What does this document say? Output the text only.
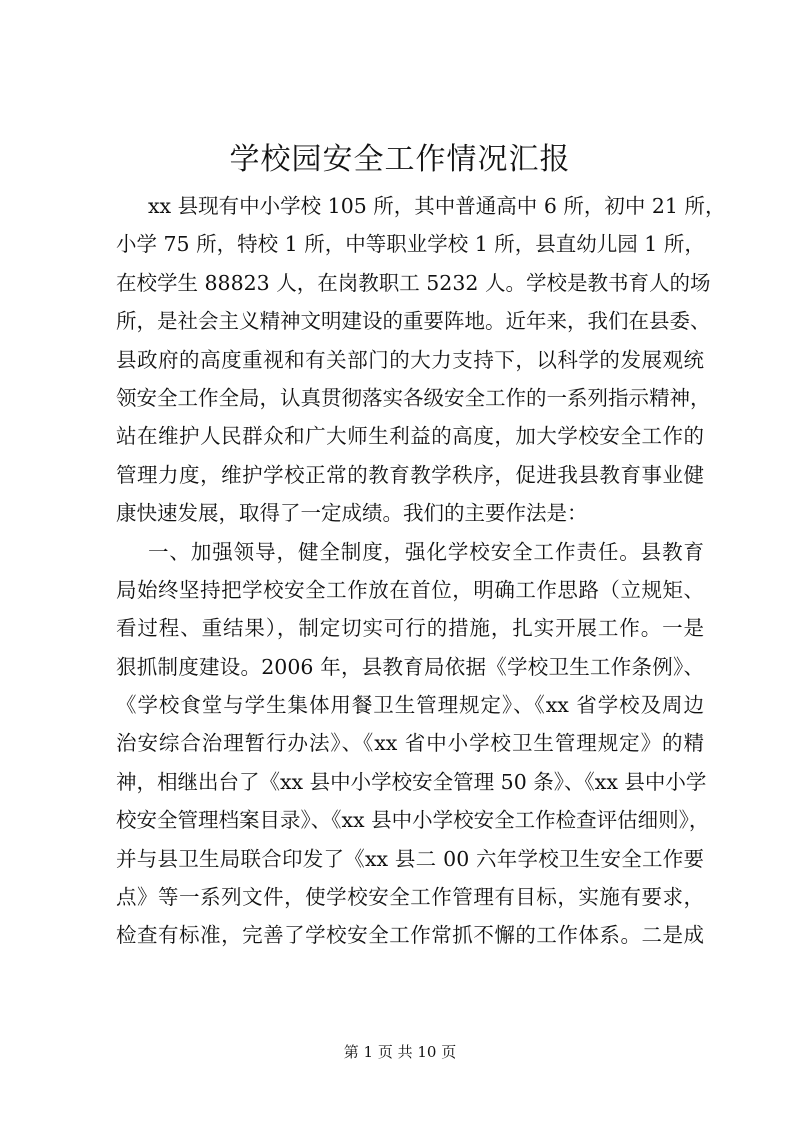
学校园安全工作情况汇报
xx 县现有中小学校 105 所，其中普通高中 6 所，初中 21 所，
小学 75 所，特校 1 所，中等职业学校 1 所，县直幼儿园 1 所，
在校学生 88823 人，在岗教职工 5232 人。学校是教书育人的场
所，是社会主义精神文明建设的重要阵地。近年来，我们在县委、
县政府的高度重视和有关部门的大力支持下，以科学的发展观统
领安全工作全局，认真贯彻落实各级安全工作的一系列指示精神，
站在维护人民群众和广大师生利益的高度，加大学校安全工作的
管理力度，维护学校正常的教育教学秩序，促进我县教育事业健
康快速发展，取得了一定成绩。我们的主要作法是：
一、加强领导，健全制度，强化学校安全工作责任。县教育
局始终坚持把学校安全工作放在首位，明确工作思路（立规矩、
看过程、重结果），制定切实可行的措施，扎实开展工作。一是
狠抓制度建设。2006 年，县教育局依据《学校卫生工作条例》、
《学校食堂与学生集体用餐卫生管理规定》、《xx 省学校及周边
治安综合治理暂行办法》、《xx 省中小学校卫生管理规定》的精
神，相继出台了《xx 县中小学校安全管理 50 条》、《xx 县中小学
校安全管理档案目录》、《xx 县中小学校安全工作检查评估细则》，
并与县卫生局联合印发了《xx 县二 00 六年学校卫生安全工作要
点》等一系列文件，使学校安全工作管理有目标，实施有要求，
检查有标准，完善了学校安全工作常抓不懈的工作体系。二是成
第 1 页 共 10 页
